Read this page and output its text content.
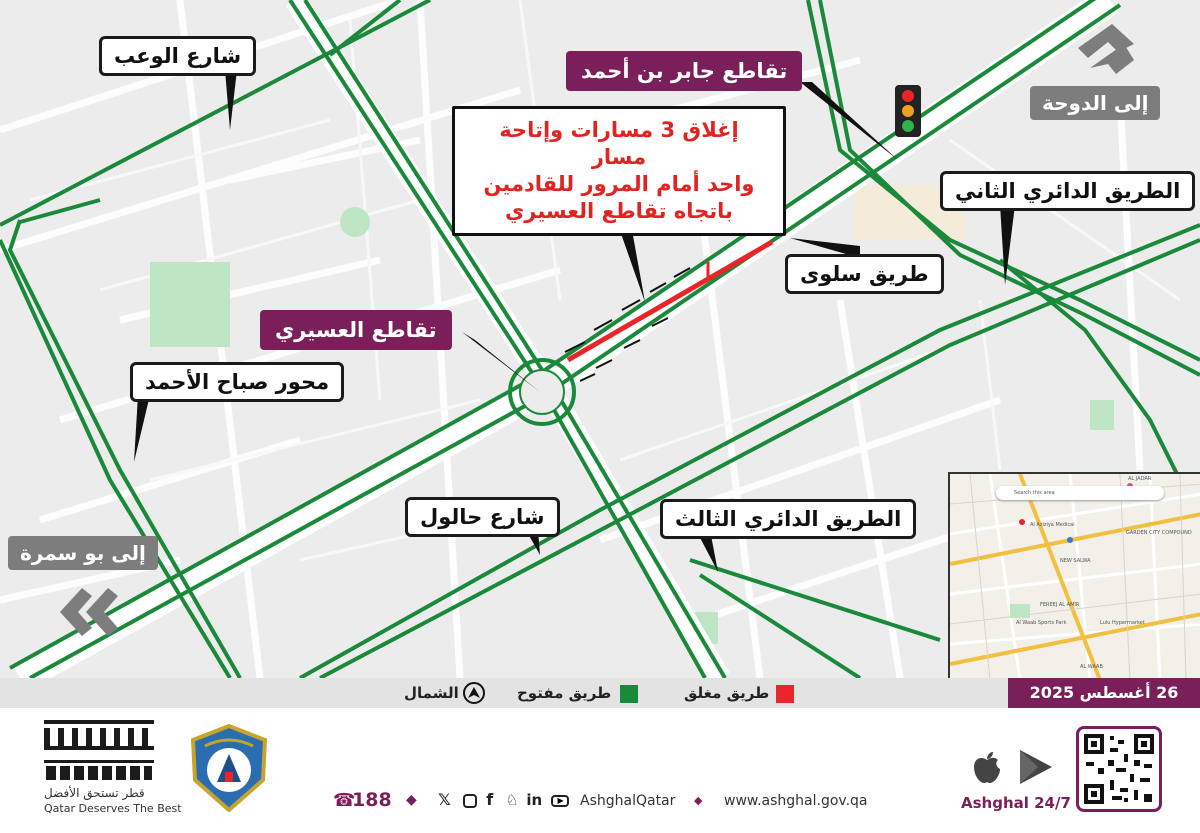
شارع الوعب
تقاطع جابر بن أحمد
إلى الدوحة
الطريق الدائري الثاني
طريق سلوى
تقاطع العسيري
محور صباح الأحمد
إلى بو سمرة
شارع حالول	الطريق الدائري الثالث
إغلاق 3 مسارات وإتاحة مسار
واحد أمام المرور للقادمين
باتجاه تقاطع العسيري
Search this area
AL JADAR
GARDEN CITY COMPOUND
Al Aziziya Medical
FEREEJ AL AMIR
Al Waab Sports Park	Lulu Hypermarket
NEW SALWA
AL WAAB
طريق مغلق
طريق مفتوح
الشمال	26 أغسطس 2025
قطر تستحق الأفضل
Qatar Deserves The Best	☎
188 ◆ 𝕏 f ♘ in ▶ AshghalQatar ◆ www.ashghal.gov.qa	Ashghal 24/7
